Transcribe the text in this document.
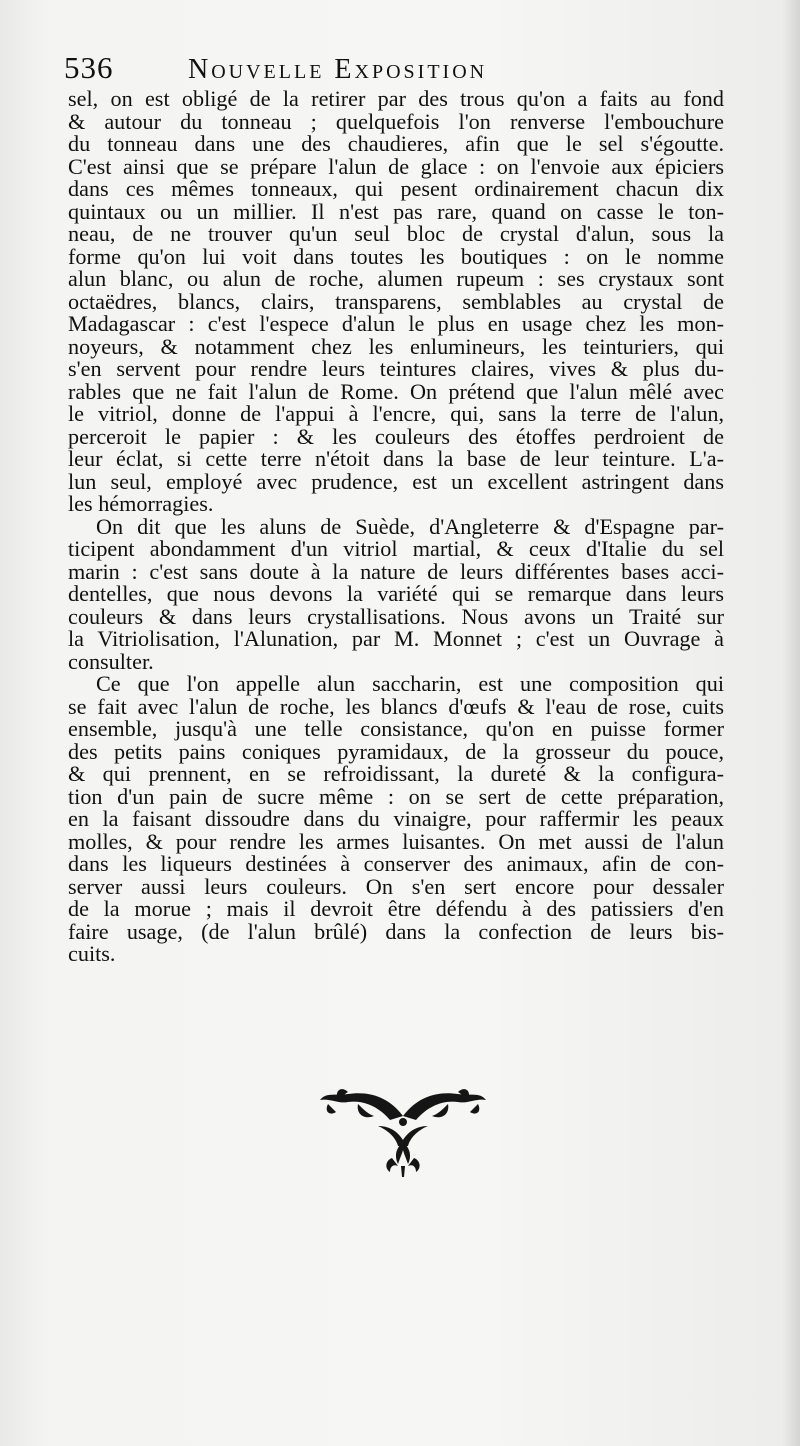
536	Nouvelle Exposition
sel, on est obligé de la retirer par des trous qu'on a faits au fond
& autour du tonneau ; quelquefois l'on renverse l'embouchure
du tonneau dans une des chaudieres, afin que le sel s'égoutte.
C'est ainsi que se prépare l'alun de glace : on l'envoie aux épiciers
dans ces mêmes tonneaux, qui pesent ordinairement chacun dix
quintaux ou un millier. Il n'est pas rare, quand on casse le ton-
neau, de ne trouver qu'un seul bloc de crystal d'alun, sous la
forme qu'on lui voit dans toutes les boutiques : on le nomme
alun blanc, ou alun de roche, alumen rupeum : ses crystaux sont
octaëdres, blancs, clairs, transparens, semblables au crystal de
Madagascar : c'est l'espece d'alun le plus en usage chez les mon-
noyeurs, & notamment chez les enlumineurs, les teinturiers, qui
s'en servent pour rendre leurs teintures claires, vives & plus du-
rables que ne fait l'alun de Rome. On prétend que l'alun mêlé avec
le vitriol, donne de l'appui à l'encre, qui, sans la terre de l'alun,
perceroit le papier : & les couleurs des étoffes perdroient de
leur éclat, si cette terre n'étoit dans la base de leur teinture. L'a-
lun seul, employé avec prudence, est un excellent astringent dans
les hémorragies.
On dit que les aluns de Suède, d'Angleterre & d'Espagne par-
ticipent abondamment d'un vitriol martial, & ceux d'Italie du sel
marin : c'est sans doute à la nature de leurs différentes bases acci-
dentelles, que nous devons la variété qui se remarque dans leurs
couleurs & dans leurs crystallisations. Nous avons un Traité sur
la Vitriolisation, l'Alunation, par M. Monnet ; c'est un Ouvrage à
consulter.
Ce que l'on appelle alun saccharin, est une composition qui
se fait avec l'alun de roche, les blancs d'œufs & l'eau de rose, cuits
ensemble, jusqu'à une telle consistance, qu'on en puisse former
des petits pains coniques pyramidaux, de la grosseur du pouce,
& qui prennent, en se refroidissant, la dureté & la configura-
tion d'un pain de sucre même : on se sert de cette préparation,
en la faisant dissoudre dans du vinaigre, pour raffermir les peaux
molles, & pour rendre les armes luisantes. On met aussi de l'alun
dans les liqueurs destinées à conserver des animaux, afin de con-
server aussi leurs couleurs. On s'en sert encore pour dessaler
de la morue ; mais il devroit être défendu à des patissiers d'en
faire usage, (de l'alun brûlé) dans la confection de leurs bis-
cuits.
